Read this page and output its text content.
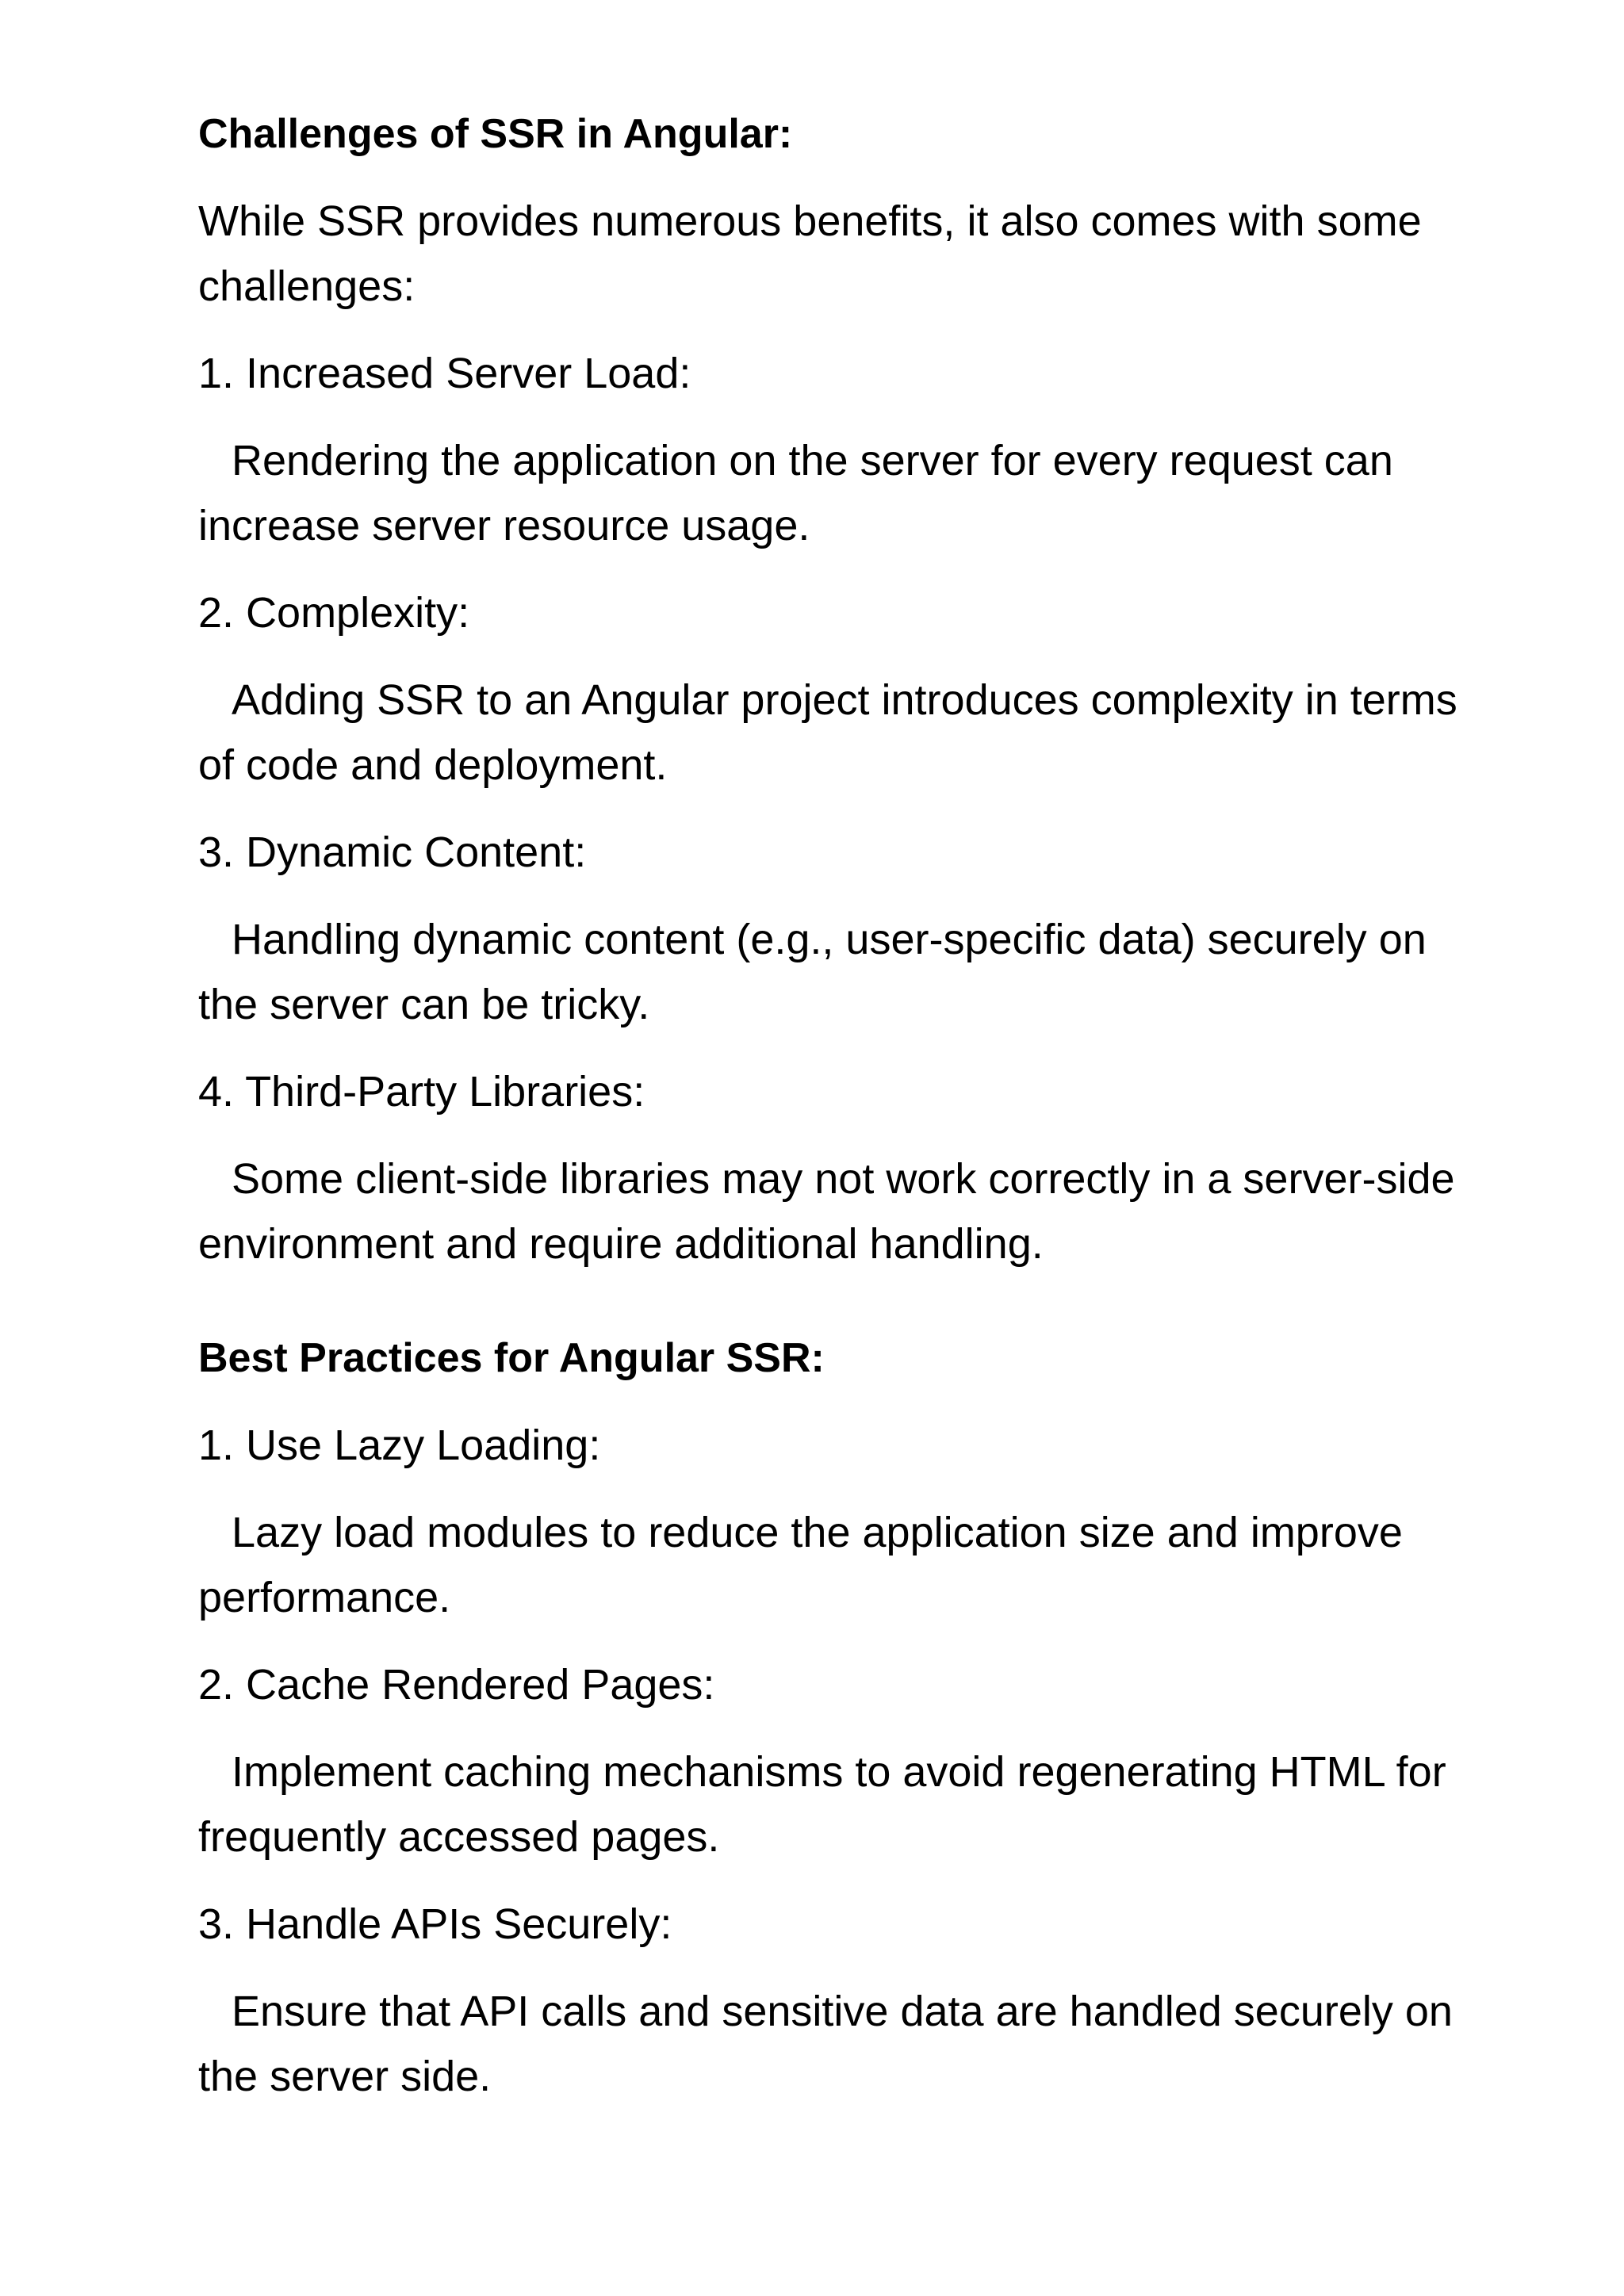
Challenges of SSR in Angular:
While SSR provides numerous benefits, it also comes with some challenges:
1. Increased Server Load:
Rendering the application on the server for every request can increase server resource usage.
2. Complexity:
Adding SSR to an Angular project introduces complexity in terms of code and deployment.
3. Dynamic Content:
Handling dynamic content (e.g., user-specific data) securely on the server can be tricky.
4. Third-Party Libraries:
Some client-side libraries may not work correctly in a server-side environment and require additional handling.
Best Practices for Angular SSR:
1. Use Lazy Loading:
Lazy load modules to reduce the application size and improve performance.
2. Cache Rendered Pages:
Implement caching mechanisms to avoid regenerating HTML for frequently accessed pages.
3. Handle APIs Securely:
Ensure that API calls and sensitive data are handled securely on the server side.
